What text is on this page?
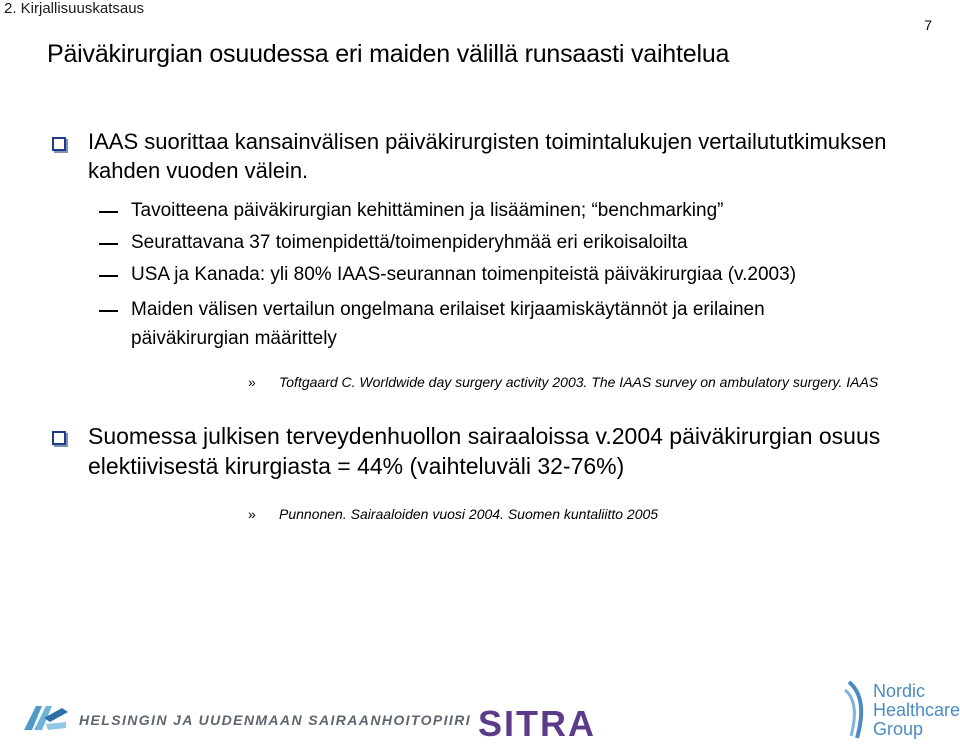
2. Kirjallisuuskatsaus
7
Päiväkirurgian osuudessa eri maiden välillä runsaasti vaihtelua
IAAS suorittaa kansainvälisen päiväkirurgisten toimintalukujen vertailututkimuksen
kahden vuoden välein.
Tavoitteena päiväkirurgian kehittäminen ja lisääminen; “benchmarking”
Seurattavana 37 toimenpidettä/toimenpideryhmää eri erikoisaloilta
USA ja Kanada: yli 80% IAAS-seurannan toimenpiteistä päiväkirurgiaa (v.2003)
Maiden välisen vertailun ongelmana erilaiset kirjaamiskäytännöt ja erilainen
päiväkirurgian määrittely
» Toftgaard C. Worldwide day surgery activity 2003. The IAAS survey on ambulatory surgery. IAAS
Suomessa julkisen terveydenhuollon sairaaloissa v.2004 päiväkirurgian osuus
elektiivisestä kirurgiasta = 44% (vaihteluväli 32-76%)
» Punnonen. Sairaaloiden vuosi 2004. Suomen kuntaliitto 2005
HELSINGIN JA UUDENMAAN SAIRAANHOITOPIIRI SITRA
Nordic
Healthcare
Group
